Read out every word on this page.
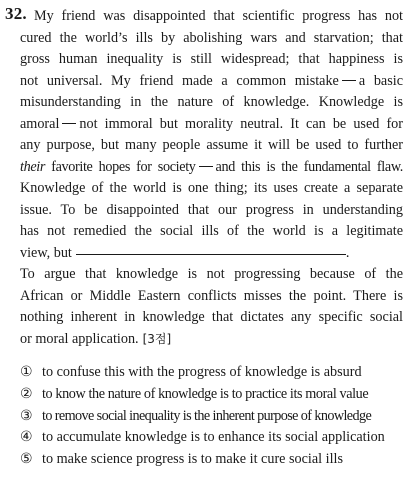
32. My friend was disappointed that scientific progress has not
cured the world’s ills by abolishing wars and starvation; that
gross human inequality is still widespread; that happiness is
not universal. My friend made a common mistake a basic
misunderstanding in the nature of knowledge. Knowledge is
amoral not immoral but morality neutral. It can be used for
any purpose, but many people assume it will be used to further
their favorite hopes for society and this is the fundamental flaw.
Knowledge of the world is one thing; its uses create a separate
issue. To be disappointed that our progress in understanding
has not remedied the social ills of the world is a legitimate
view, but	.
To argue that knowledge is not progressing because of the
African or Middle Eastern conflicts misses the point. There is
nothing inherent in knowledge that dictates any specific social
or moral application. [3점]
① to confuse this with the progress of knowledge is absurd
② to know the nature of knowledge is to practice its moral value
③ to remove social inequality is the inherent purpose of knowledge
④ to accumulate knowledge is to enhance its social application
⑤ to make science progress is to make it cure social ills
